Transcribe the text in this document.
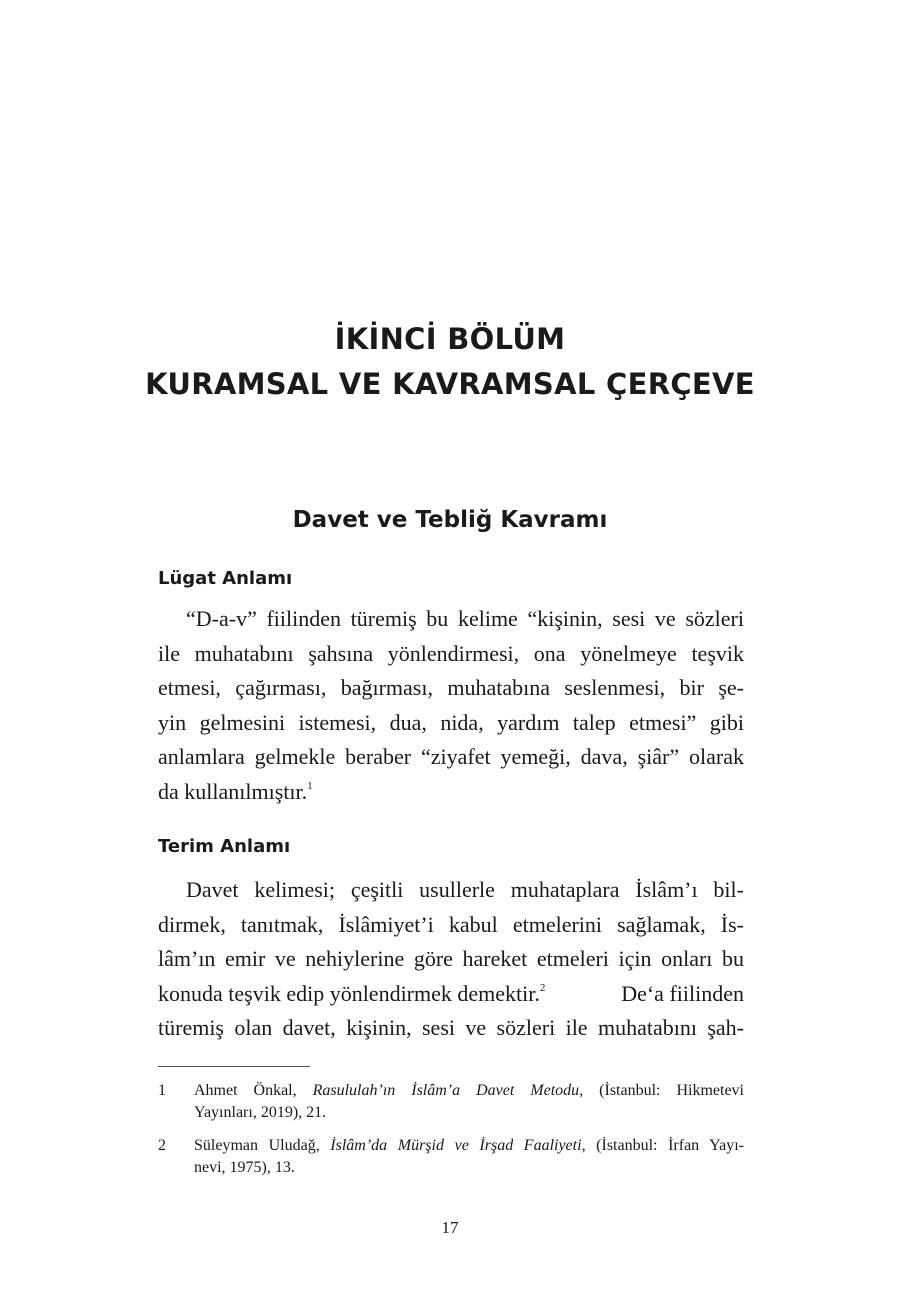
İKİNCİ BÖLÜM
KURAMSAL VE KAVRAMSAL ÇERÇEVE
Davet ve Tebliğ Kavramı
Lügat Anlamı
“D-a-v” fiilinden türemiş bu kelime “kişinin, sesi ve sözleri
ile muhatabını şahsına yönlendirmesi, ona yönelmeye teşvik
etmesi, çağırması, bağırması, muhatabına seslenmesi, bir şe-
yin gelmesini istemesi, dua, nida, yardım talep etmesi” gibi
anlamlara gelmekle beraber “ziyafet yemeği, dava, şiâr” olarak
da kullanılmıştır.$^1$
Terim Anlamı
Davet kelimesi; çeşitli usullerle muhataplara İslâm’ı bil-
dirmek, tanıtmak, İslâmiyet’i kabul etmelerini sağlamak, İs-
lâm’ın emir ve nehiylerine göre hareket etmeleri için onları bu
konuda teşvik edip yönlendirmek demektir.$^2$	De‘a fiilinden
türemiş olan davet, kişinin, sesi ve sözleri ile muhatabını şah-
1 Ahmet Önkal, Rasululah’ın İslâm’a Davet Metodu, (İstanbul: Hikmetevi
Yayınları, 2019), 21.
2 Süleyman Uludağ, İslâm’da Mürşid ve İrşad Faaliyeti, (İstanbul: İrfan Yayı-
nevi, 1975), 13.
17
